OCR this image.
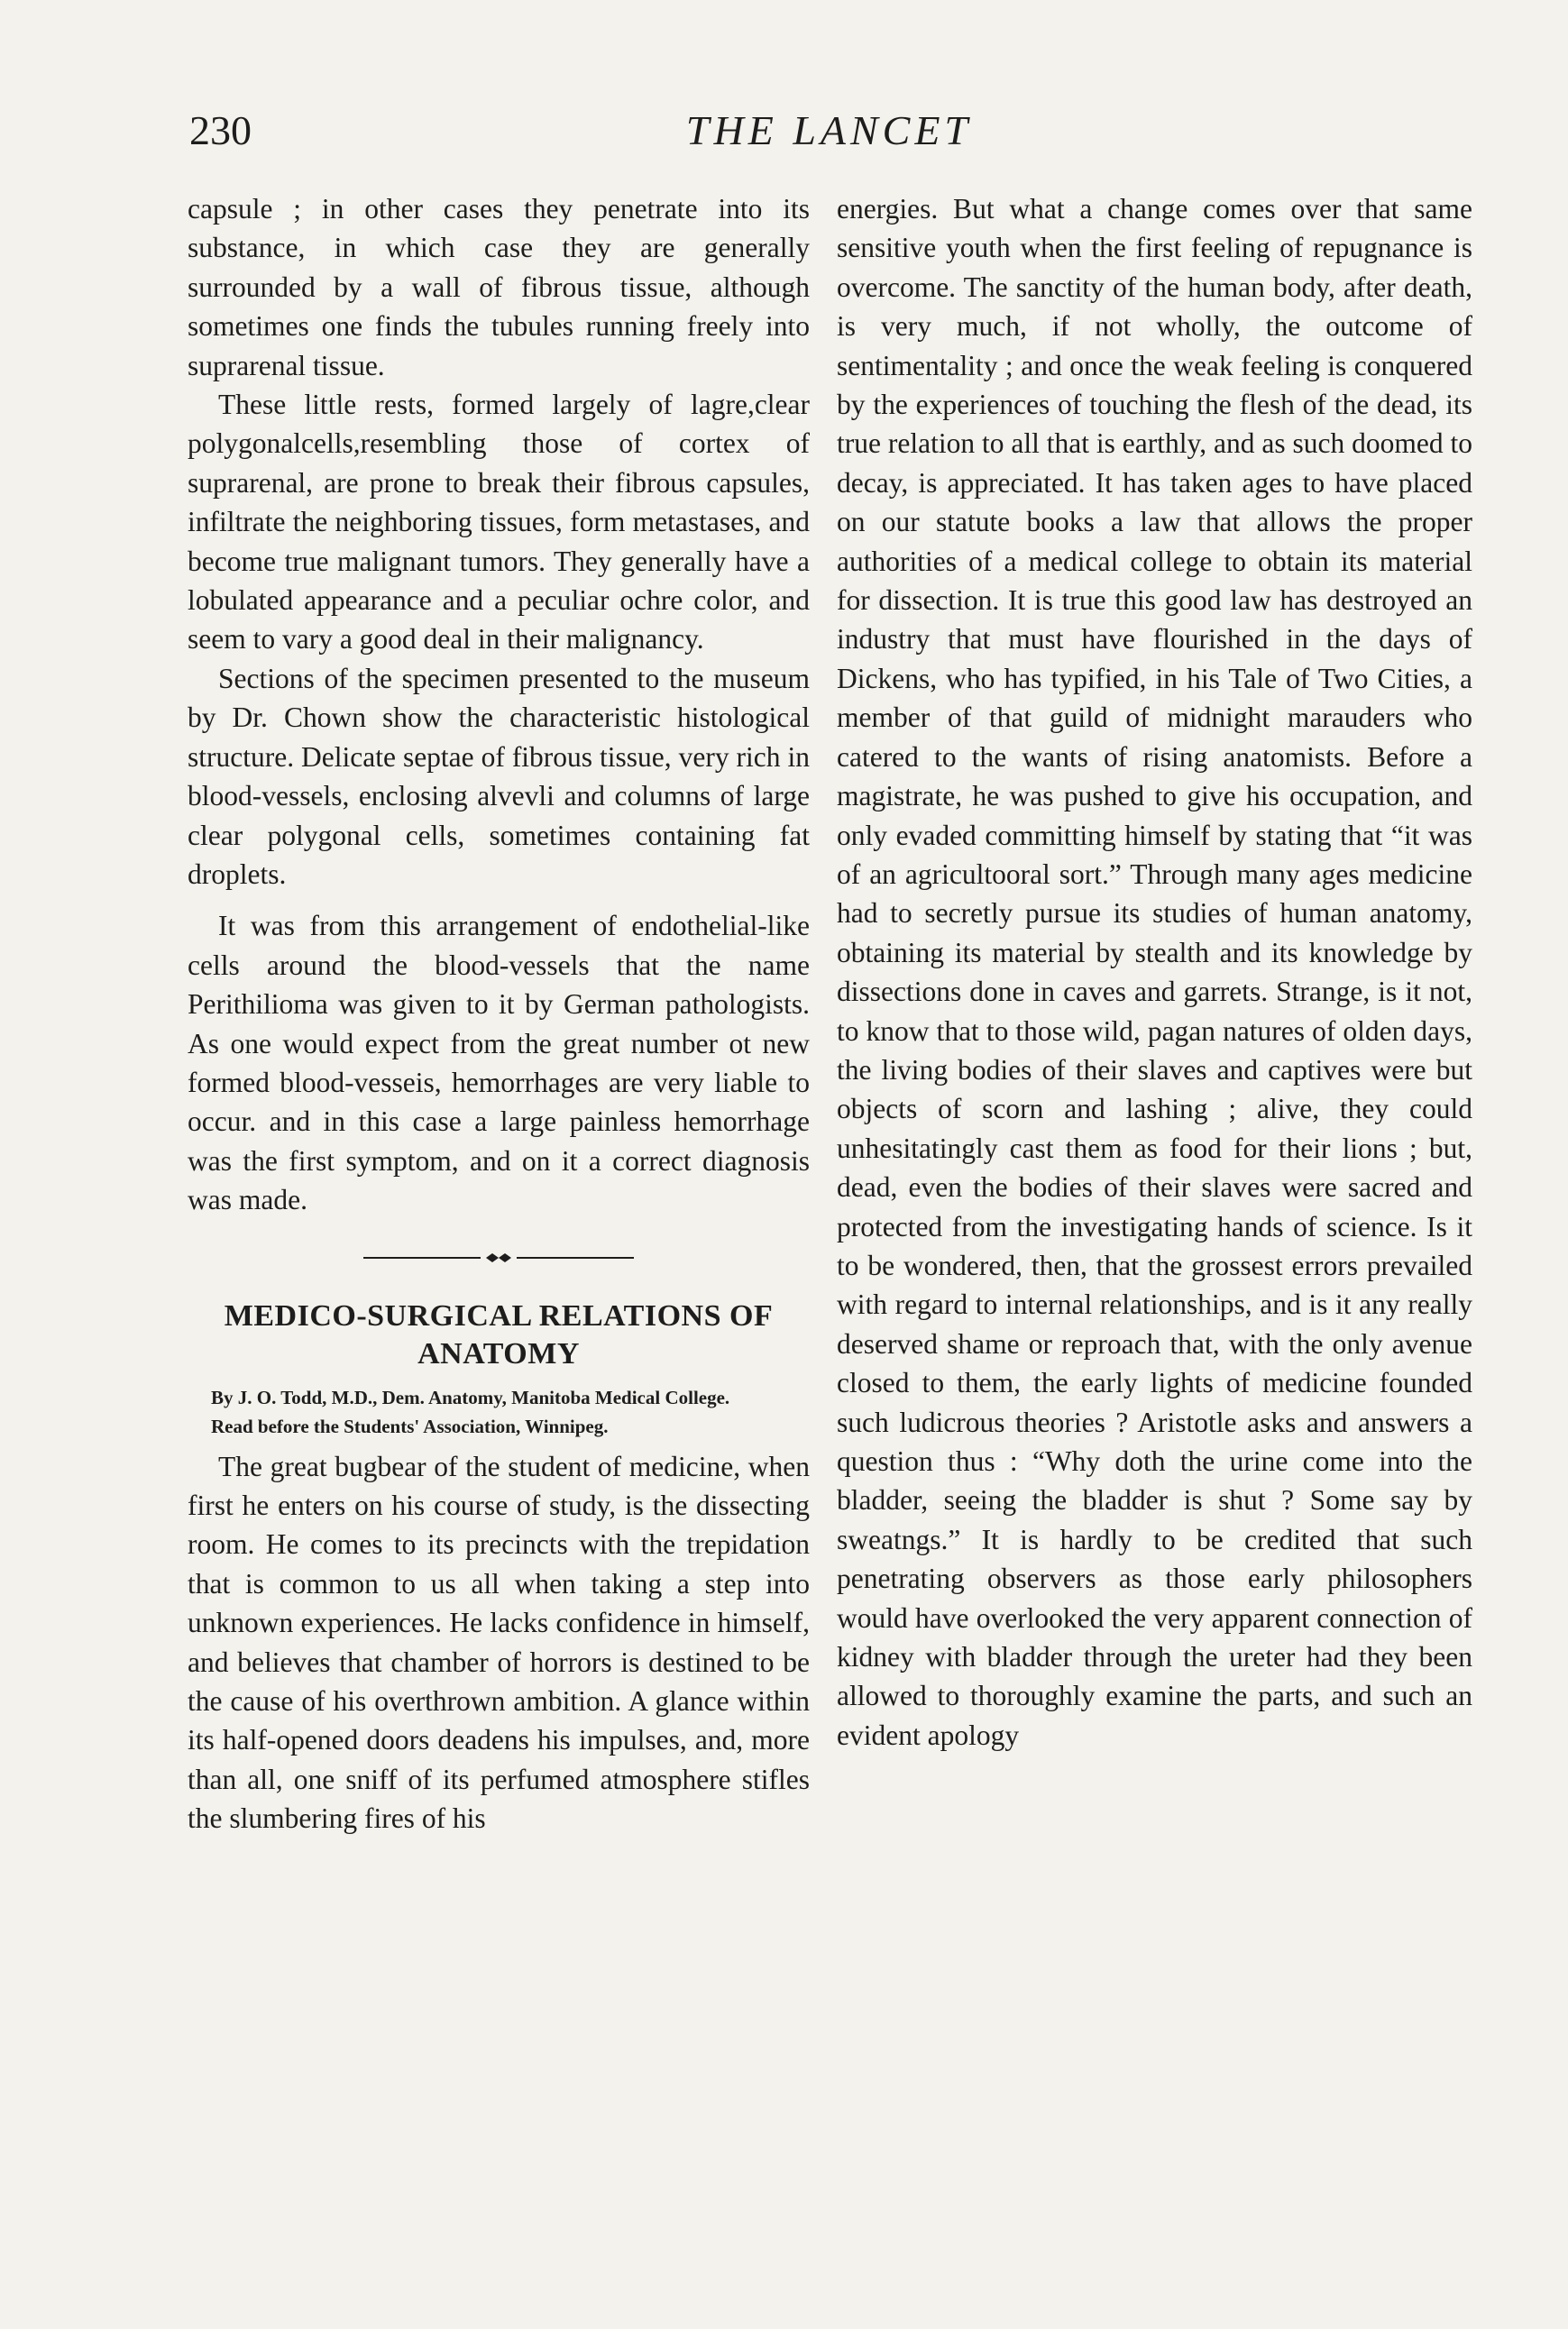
230	THE LANCET

capsule ; in other cases they penetrate into its substance, in which case they are generally surrounded by a wall of fibrous tissue, although sometimes one finds the tubules running freely into suprarenal tissue.

These little rests, formed largely of lagre,clear polygonalcells,resembling those of cortex of suprarenal, are prone to break their fibrous capsules, infiltrate the neighboring tissues, form metastases, and become true malignant tumors. They generally have a lobulated appearance and a peculiar ochre color, and seem to vary a good deal in their malignancy.

Sections of the specimen presented to the museum by Dr. Chown show the characteristic histological structure. Delicate septae of fibrous tissue, very rich in blood-vessels, enclosing alvevli and columns of large clear polygonal cells, sometimes containing fat droplets.

It was from this arrangement of endothelial-like cells around the blood-vessels that the name Perithilioma was given to it by German pathologists. As one would expect from the great number ot new formed blood-vesseis, hemorrhages are very liable to occur. and in this case a large painless hemorrhage was the first symptom, and on it a correct diagnosis was made.

MEDICO-SURGICAL RELATIONS OF
ANATOMY

By J. O. Todd, M.D., Dem. Anatomy, Manitoba Medical College.

Read before the Students' Association, Winnipeg.

The great bugbear of the student of medicine, when first he enters on his course of study, is the dissecting room. He comes to its precincts with the trepidation that is common to us all when taking a step into unknown experiences. He lacks confidence in himself, and believes that chamber of horrors is destined to be the cause of his overthrown ambition. A glance within its half-opened doors deadens his impulses, and, more than all, one sniff of its perfumed atmosphere stifles the slumbering fires of his

energies. But what a change comes over that same sensitive youth when the first feeling of repugnance is overcome. The sanctity of the human body, after death, is very much, if not wholly, the outcome of sentimentality ; and once the weak feeling is conquered by the experiences of touching the flesh of the dead, its true relation to all that is earthly, and as such doomed to decay, is appreciated. It has taken ages to have placed on our statute books a law that allows the proper authorities of a medical college to obtain its material for dissection. It is true this good law has destroyed an industry that must have flourished in the days of Dickens, who has typified, in his Tale of Two Cities, a member of that guild of midnight marauders who catered to the wants of rising anatomists. Before a magistrate, he was pushed to give his occupation, and only evaded committing himself by stating that “it was of an agricultooral sort.” Through many ages medicine had to secretly pursue its studies of human anatomy, obtaining its material by stealth and its knowledge by dissections done in caves and garrets. Strange, is it not, to know that to those wild, pagan natures of olden days, the living bodies of their slaves and captives were but objects of scorn and lashing ; alive, they could unhesitatingly cast them as food for their lions ; but, dead, even the bodies of their slaves were sacred and protected from the investigating hands of science. Is it to be wondered, then, that the grossest errors prevailed with regard to internal relationships, and is it any really deserved shame or reproach that, with the only avenue closed to them, the early lights of medicine founded such ludicrous theories ? Aristotle asks and answers a question thus : “Why doth the urine come into the bladder, seeing the bladder is shut ? Some say by sweatngs.” It is hardly to be credited that such penetrating observers as those early philosophers would have overlooked the very apparent connection of kidney with bladder through the ureter had they been allowed to thoroughly examine the parts, and such an evident apology
